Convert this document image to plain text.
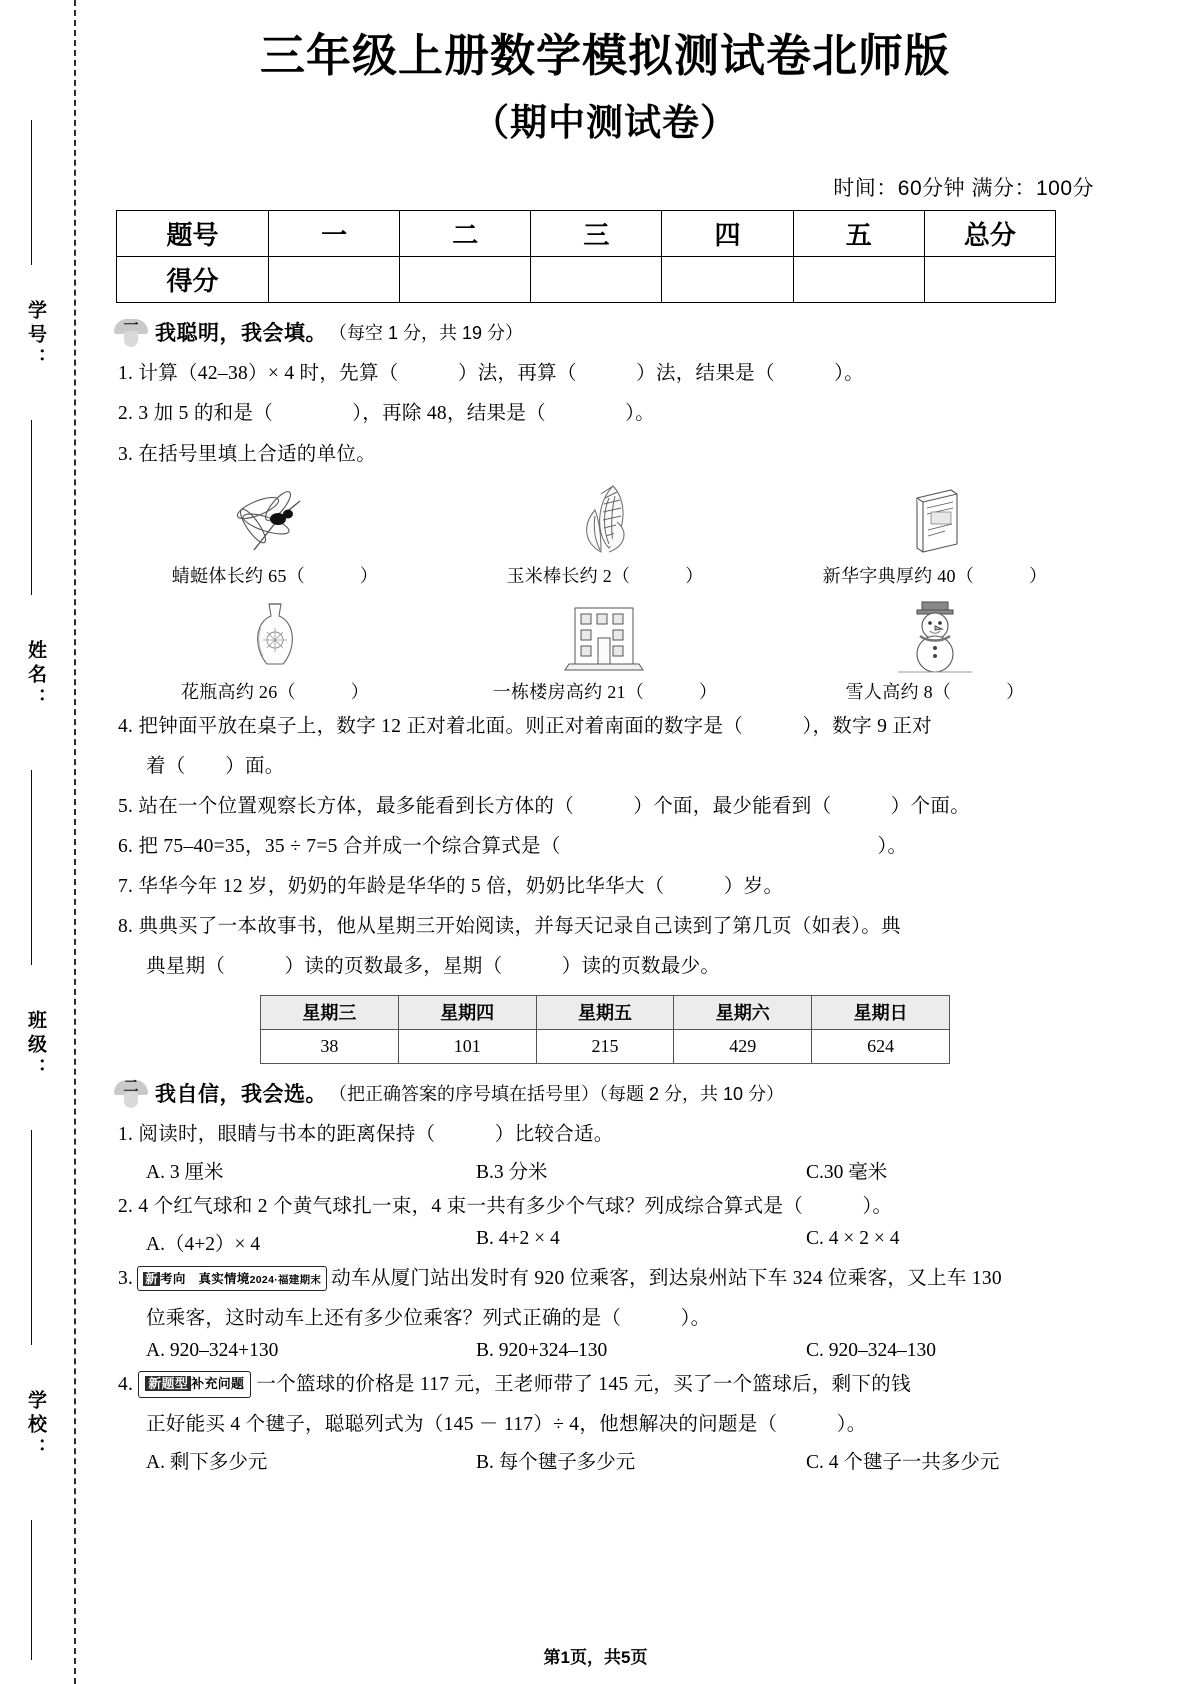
学号：
姓名：
班级：
学校：
三年级上册数学模拟测试卷北师版
（期中测试卷）
时间：60分钟 满分：100分
题号	一	二	三	四	五	总分
得分						
一 我聪明，我会填。 （每空 1 分，共 19 分）
1. 计算（42–38）× 4 时，先算（　　　）法，再算（　　　）法，结果是（　　　）。
2. 3 加 5 的和是（　　　　），再除 48，结果是（　　　　）。
3. 在括号里填上合适的单位。
蜻蜓体长约 65（　　　）	玉米棒长约 2（　　　）	新华字典厚约 40（　　　）
花瓶高约 26（　　　）	一栋楼房高约 21（　　　）	雪人高约 8（　　　）
4. 把钟面平放在桌子上，数字 12 正对着北面。则正对着南面的数字是（　　　），数字 9 正对
着（　　）面。
5. 站在一个位置观察长方体，最多能看到长方体的（　　　）个面，最少能看到（　　　）个面。
6. 把 75–40=35，35 ÷ 7=5 合并成一个综合算式是（　　　　　　　　　　　　　　　　）。
7. 华华今年 12 岁，奶奶的年龄是华华的 5 倍，奶奶比华华大（　　　）岁。
8. 典典买了一本故事书，他从星期三开始阅读，并每天记录自己读到了第几页（如表）。典
典星期（　　　）读的页数最多，星期（　　　）读的页数最少。
星期三	星期四	星期五	星期六	星期日
38	101	215	429	624
二 我自信，我会选。 （把正确答案的序号填在括号里）（每题 2 分，共 10 分）
1. 阅读时，眼睛与书本的距离保持（　　　）比较合适。
A. 3 厘米	B.3 分米	C.30 毫米
2. 4 个红气球和 2 个黄气球扎一束，4 束一共有多少个气球？列成综合算式是（　　　）。
A.（4+2）× 4	B. 4+2 × 4	C. 4 × 2 × 4
3. 新 考向　真实情境2024·福建期末 动车从厦门站出发时有 920 位乘客，到达泉州站下车 324 位乘客，又上车 130
位乘客，这时动车上还有多少位乘客？列式正确的是（　　　）。
A. 920–324+130	B. 920+324–130	C. 920–324–130
4. 新题型 补充问题 一个篮球的价格是 117 元，王老师带了 145 元，买了一个篮球后，剩下的钱
正好能买 4 个毽子，聪聪列式为（145 － 117）÷ 4，他想解决的问题是（　　　）。
A. 剩下多少元	B. 每个毽子多少元	C. 4 个毽子一共多少元
第1页，共5页
